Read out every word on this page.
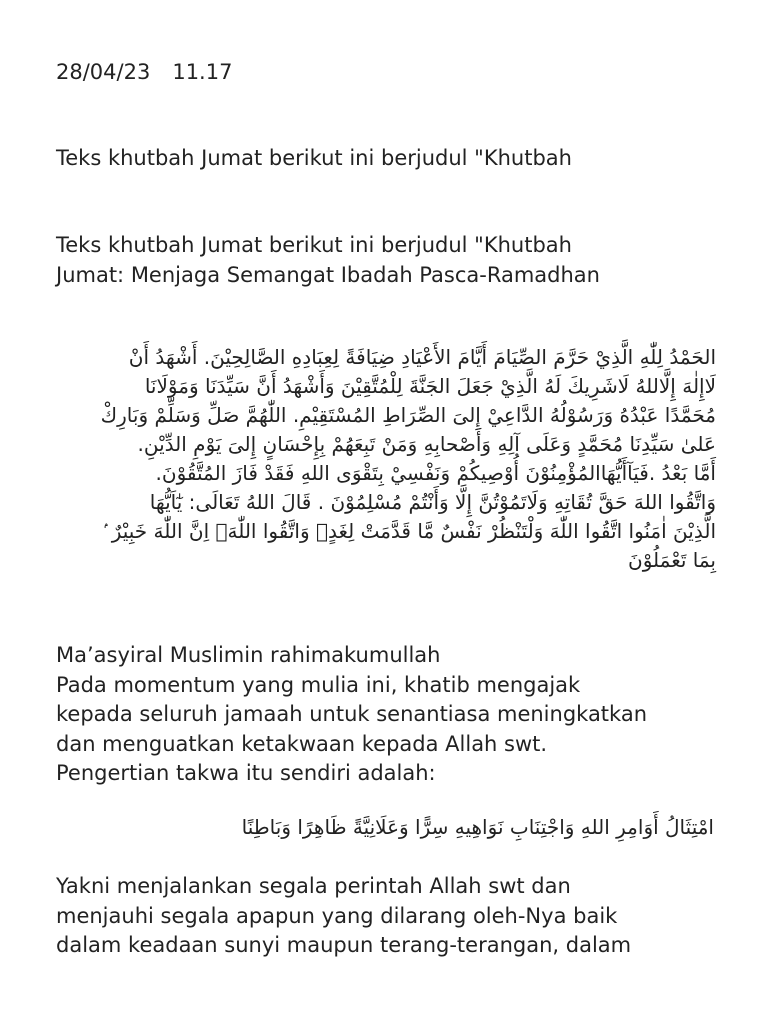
28/04/23 11.17
Teks khutbah Jumat berikut ini berjudul "Khutbah
Teks khutbah Jumat berikut ini berjudul "Khutbah
Jumat: Menjaga Semangat Ibadah Pasca-Ramadhan
الحَمْدُ لِلّٰهِ الَّذِيْ حَرَّمَ الصِّيَامَ أَيَّامَ الأَعْيَادِ ضِيَافَةً لِعِبَادِهِ الصَّالِحِيْنَ. أَشْهَدُ أَنْ
لَاإِلٰهَ إِلَّاللهُ لَاشَرِيكَ لَهُ الَّذِيْ جَعَلَ الجَنَّةَ لِلْمُتَّقِيْنَ وَأَشْهَدُ أَنَّ سَيِّدَنَا وَمَوْلَانَا
مُحَمَّدًا عَبْدُهُ وَرَسُوْلُهُ الدَّاعِيْ إِلىَ الصِّرَاطِ المُسْتَقِيْمِ. اللّٰهُمَّ صَلِّ وَسَلِّمْ وَبَارِكْ
عَلىٰ سَيِّدِنَا مُحَمَّدٍ وَعَلَى آلِهِ وَأَصْحابِهِ وَمَنْ تَبِعَهُمْ بِإِحْسَانٍ إِلىَ يَوْمِ الدِّيْنِ.
أَمَّا بَعْدُ .فَيَآأَيُّهَاالمُؤْمِنُوْنَ أُوْصِيكُمْ وَنَفْسِيْ بِتَقْوَى اللهِ فَقَدْ فَازَ المُتَّقُوْنَ.
وَاتَّقُوا اللهَ حَقَّ تُقَاتِهِ وَلَاتَمُوْتُنَّ إِلَّا وَأَنْتُمْ مُسْلِمُوْنَ . قَالَ اللهُ تَعَالَى: يٰٓاَيُّهَا
الَّذِيْنَ اٰمَنُوا اتَّقُوا اللّٰهَ وَلْتَنْظُرْ نَفْسٌ مَّا قَدَّمَتْ لِغَدٍۚ وَاتَّقُوا اللّٰهَۗ اِنَّ اللّٰهَ خَبِيْرٌ ۢ
بِمَا تَعْمَلُوْنَ
Ma’asyiral Muslimin rahimakumullah
Pada momentum yang mulia ini, khatib mengajak
kepada seluruh jamaah untuk senantiasa meningkatkan
dan menguatkan ketakwaan kepada Allah swt.
Pengertian takwa itu sendiri adalah:
امْتِثَالُ أَوَامِرِ اللهِ وَاجْتِنَابِ نَوَاهِيهِ سِرًّا وَعَلَانِيَّةً ظَاهِرًا وَبَاطِنًا
Yakni menjalankan segala perintah Allah swt dan
menjauhi segala apapun yang dilarang oleh-Nya baik
dalam keadaan sunyi maupun terang-terangan, dalam
